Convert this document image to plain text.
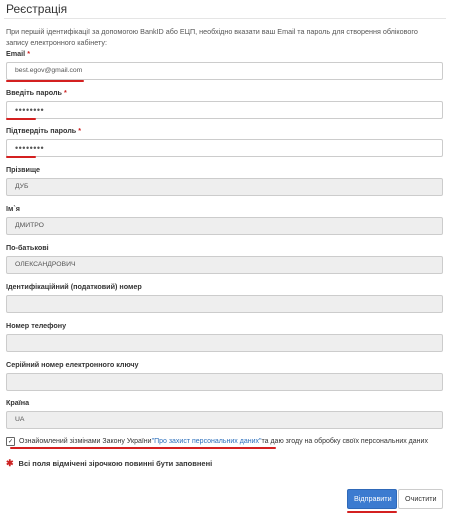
Реєстрація
При першій ідентифікації за допомогою BankID або ЕЦП, необхідно вказати ваш Email та пароль для створення облікового запису електронного кабінету:
Email *
best.egov@gmail.com
Введіть пароль *
••••••••
Підтвердіть пароль *
••••••••
Прізвище
ДУБ
Ім`я
ДМИТРО
По-батькові
ОЛЕКСАНДРОВИЧ
Ідентифікаційний (податковий) номер
Номер телефону
Серійний номер електронного ключу
Країна
UA
✓ Ознайомлений зізмінами Закону України "Про захист персональних даних" та даю згоду на обробку своїх персональних даних
✱ Всі поля відмічені зірочкою повинні бути заповнені
Відправити	Очистити
